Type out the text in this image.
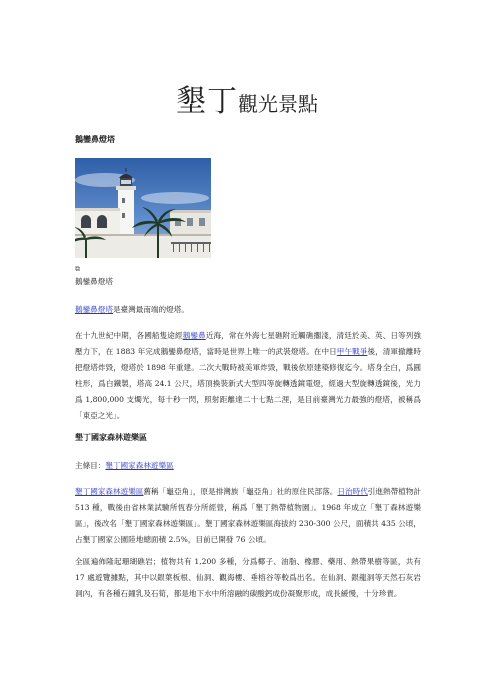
墾丁觀光景點
鵝鑾鼻燈塔
⧉
鵝鑾鼻燈塔
鵝鑾鼻燈塔是臺灣最南端的燈塔。
在十九世紀中期，各國船隻途經鵝鑾鼻近海，常在外海七星礁附近觸礁擱淺，清廷於美、英、日等列強壓力下，在 1883 年完成鵝鑾鼻燈塔，當時是世界上唯一的武裝燈塔。在中日甲午戰爭後，清軍撤離時把燈塔炸毀，燈塔於 1898 年重建。二次大戰時被美軍炸毀，戰後依原建築修復迄今。塔身全白，爲圓柱形，爲白鐵製，塔高 24.1 公尺，塔頂換裝新式大型四等旋轉透鏡電燈，經過大型旋轉透鏡後，光力爲 1,800,000 支燭光，每十秒一閃，照射距離達二十七點二浬，是目前臺灣光力最強的燈塔，被稱爲「東亞之光」。
墾丁國家森林遊樂區
主條目：墾丁國家森林遊樂區
墾丁國家森林遊樂區舊稱「龜亞角」，原是排灣族「龜亞角」社的原住民部落。日治時代引進熱帶植物計 513 種，戰後由省林業試驗所恆春分所經營，稱爲「墾丁熱帶植物園」。1968 年成立「墾丁森林遊樂區」，後改名「墾丁國家森林遊樂區」。墾丁國家森林遊樂區海拔約 230-300 公尺，面積共 435 公頃，占墾丁國家公園陸地總面積 2.5%，目前已開發 76 公頃。
全區遍佈隆起珊瑚礁岩；植物共有 1,200 多種，分爲椰子、油脂、橡膠、藥用、熱帶果樹等區，共有 17 處遊覽據點，其中以銀葉板根、仙洞、觀海樓、垂榕谷等較爲出名。在仙洞、銀龍洞等天然石灰岩洞內，有各種石鐘乳及石筍，都是地下水中所溶融的碳酸鈣成份凝聚形成，成長緩慢，十分珍貴。
